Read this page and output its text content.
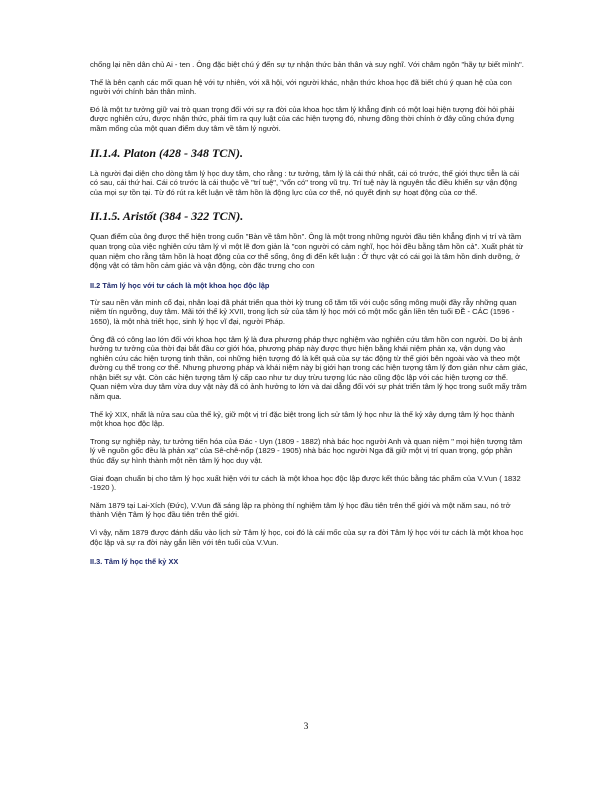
chống lại nền dân chủ Ai - ten . Ông đặc biệt chú ý đến sự tự nhận thức bản thân và suy nghĩ. Với châm ngôn "hãy tự biết mình".

Thế là bên cạnh các mối quan hệ với tự nhiên, với xã hội, với người khác, nhận thức khoa học đã biết chú ý quan hệ của con người với chính bản thân mình.

Đó là một tư tưởng giữ vai trò quan trọng đối với sự ra đời của khoa học tâm lý khẳng định có một loại hiện tượng đòi hỏi phải được nghiên cứu, được nhận thức, phải tìm ra quy luật của các hiện tượng đó, nhưng đồng thời chính ở đây cũng chứa đựng mầm mống của một quan điểm duy tâm về tâm lý người.

II.1.4. Platon (428 - 348 TCN).

Là người đại diện cho dòng tâm lý học duy tâm, cho rằng : tư tưởng, tâm lý là cái thứ nhất, cái có trước, thế giới thực tiễn là cái có sau, cái thứ hai. Cái có trước là cái thuộc về "trí tuệ", "vốn có" trong vũ trụ. Trí tuệ này là nguyên tắc điều khiển sự vận động của mọi sự tồn tại. Từ đó rút ra kết luận về tâm hồn là động lực của cơ thể, nó quyết định sự hoạt động của cơ thể.

II.1.5. Aristốt (384 - 322 TCN).

Quan điểm của ông được thể hiện trong cuốn "Bàn về tâm hồn". Ông là một trong những người đầu tiên khẳng định vị trí và tầm quan trọng của việc nghiên cứu tâm lý vì một lẽ đơn giản là "con người có cảm nghĩ, học hỏi đều bằng tâm hồn cả". Xuất phát từ quan niệm cho rằng tâm hồn là hoạt động của cơ thể sống, ông đi đến kết luận : Ở thực vật có cái gọi là tâm hồn dinh dưỡng, ở động vật có tâm hồn cảm giác và vận động, còn đặc trưng cho con

II.2 Tâm lý học với tư cách là một khoa học độc lập

Từ sau nền văn minh cổ đại, nhân loại đã phát triển qua thời kỳ trung cổ tăm tối với cuộc sống mông muội đầy rẫy những quan niệm tín ngưỡng, duy tâm. Mãi tới thế kỷ XVII, trong lịch sử của tâm lý học mới có một mốc gắn liền tên tuổi ĐỀ - CÁC (1596 - 1650), là một nhà triết học, sinh lý học vĩ đại, người Pháp.

Ông đã có công lao lớn đối với khoa học tâm lý là đưa phương pháp thực nghiệm vào nghiên cứu tâm hồn con người. Do bị ảnh hưởng tư tưởng của thời đại bắt đầu cơ giới hóa, phương pháp này được thực hiện bằng khái niệm phản xạ, vận dụng vào nghiên cứu các hiện tượng tinh thần, coi những hiện tượng đó là kết quả của sự tác động từ thế giới bên ngoài vào và theo một đường cụ thể trong cơ thể. Nhưng phương pháp và khái niệm này bị giới hạn trong các hiện tượng tâm lý đơn giản như cảm giác, nhận biết sự vật. Còn các hiện tượng tâm lý cấp cao như tư duy trừu tượng lúc nào cũng độc lập với các hiện tượng cơ thể. Quan niệm vừa duy tâm vừa duy vật này đã có ảnh hưởng to lớn và dai dẳng đối với sự phát triển tâm lý học trong suốt mấy trăm năm qua.

Thế kỷ XIX, nhất là nửa sau của thế kỷ, giữ một vị trí đặc biệt trong lịch sử tâm lý học như là thế kỷ xây dựng tâm lý học thành một khoa học độc lập.

Trong sự nghiệp này, tư tưởng tiến hóa của Đác - Uyn (1809 - 1882) nhà bác học người Anh và quan niệm " mọi hiện tượng tâm lý về nguồn gốc đều là phản xạ" của Sê-chê-nốp (1829 - 1905) nhà bác học người Nga đã giữ một vị trí quan trọng, góp phần thúc đẩy sự hình thành một nền tâm lý học duy vật.

Giai đoạn chuẩn bị cho tâm lý học xuất hiện với tư cách là một khoa học độc lập được kết thúc bằng tác phẩm của V.Vun ( 1832 -1920 ).

Năm 1879 tại Lai-Xích (Đức), V.Vun đã sáng lập ra phòng thí nghiệm tâm lý học đầu tiên trên thế giới và một năm sau, nó trở thành Viện Tâm lý học đầu tiên trên thế giới.

Vì vậy, năm 1879 được đánh dấu vào lịch sử Tâm lý học, coi đó là cái mốc của sự ra đời Tâm lý học với tư cách là một khoa học độc lập và sự ra đời này gắn liền với tên tuổi của V.Vun.

II.3. Tâm lý học thế kỷ XX
3
